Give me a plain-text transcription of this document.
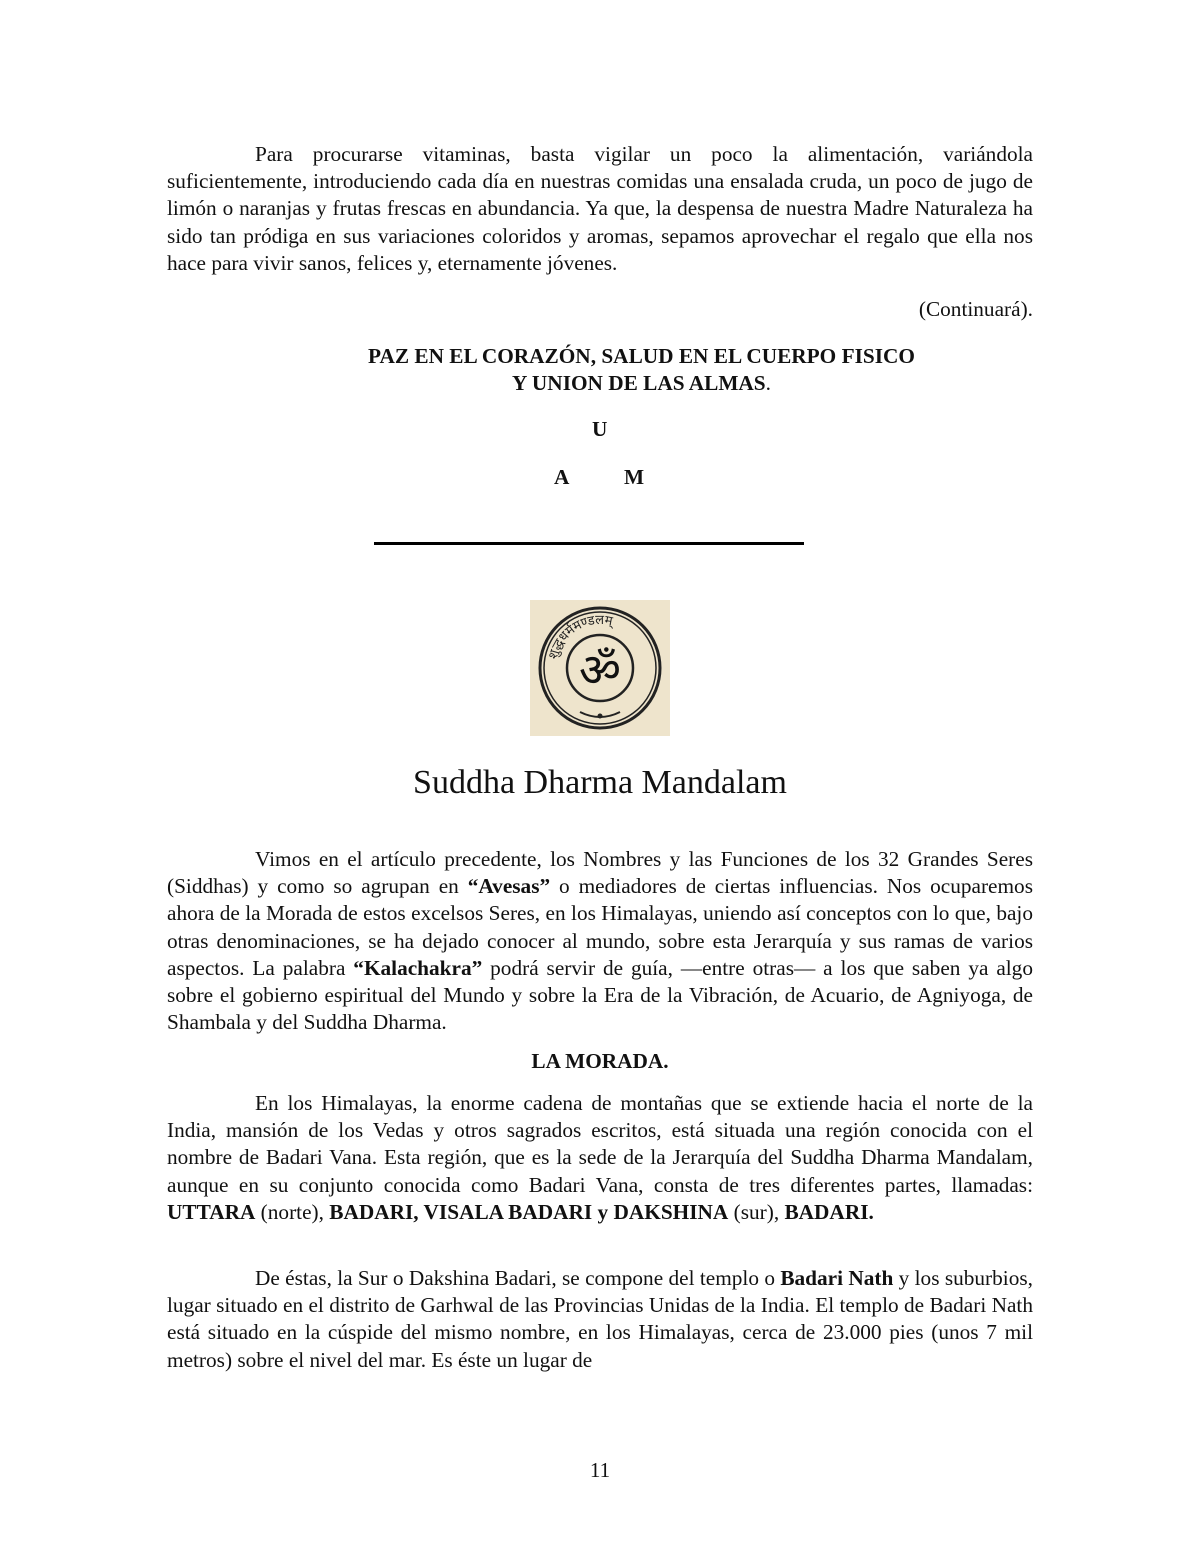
Para procurarse vitaminas, basta vigilar un poco la alimentación, variándola suficientemente, introduciendo cada día en nuestras comidas una ensalada cruda, un poco de jugo de limón o naranjas y frutas frescas en abundancia. Ya que, la despensa de nuestra Madre Naturaleza ha sido tan pródiga en sus variaciones coloridos y aromas, sepamos aprovechar el regalo que ella nos hace para vivir sanos, felices y, eternamente jóvenes.

(Continuará).
PAZ EN EL CORAZÓN, SALUD EN EL CUERPO FISICO
Y UNION DE LAS ALMAS.
U
A	M
शुद्धधर्ममण्डलम्
ॐ
Suddha Dharma Mandalam

Vimos en el artículo precedente, los Nombres y las Funciones de los 32 Grandes Seres (Siddhas) y como so agrupan en “Avesas” o mediadores de ciertas influencias. Nos ocuparemos ahora de la Morada de estos excelsos Seres, en los Himalayas, uniendo así conceptos con lo que, bajo otras denominaciones, se ha dejado conocer al mundo, sobre esta Jerarquía y sus ramas de varios aspectos. La palabra “Kalachakra” podrá servir de guía, —entre otras— a los que saben ya algo sobre el gobierno espiritual del Mundo y sobre la Era de la Vibración, de Acuario, de Agniyoga, de Shambala y del Suddha Dharma.

LA MORADA.

En los Himalayas, la enorme cadena de montañas que se extiende hacia el norte de la India, mansión de los Vedas y otros sagrados escritos, está situada una región conocida con el nombre de Badari Vana. Esta región, que es la sede de la Jerarquía del Suddha Dharma Mandalam, aunque en su conjunto conocida como Badari Vana, consta de tres diferentes partes, llamadas: UTTARA (norte), BADARI, VISALA BADARI y DAKSHINA (sur), BADARI.

De éstas, la Sur o Dakshina Badari, se compone del templo o Badari Nath y los suburbios, lugar situado en el distrito de Garhwal de las Provincias Unidas de la India. El templo de Badari Nath está situado en la cúspide del mismo nombre, en los Himalayas, cerca de 23.000 pies (unos 7 mil metros) sobre el nivel del mar. Es éste un lugar de

11
